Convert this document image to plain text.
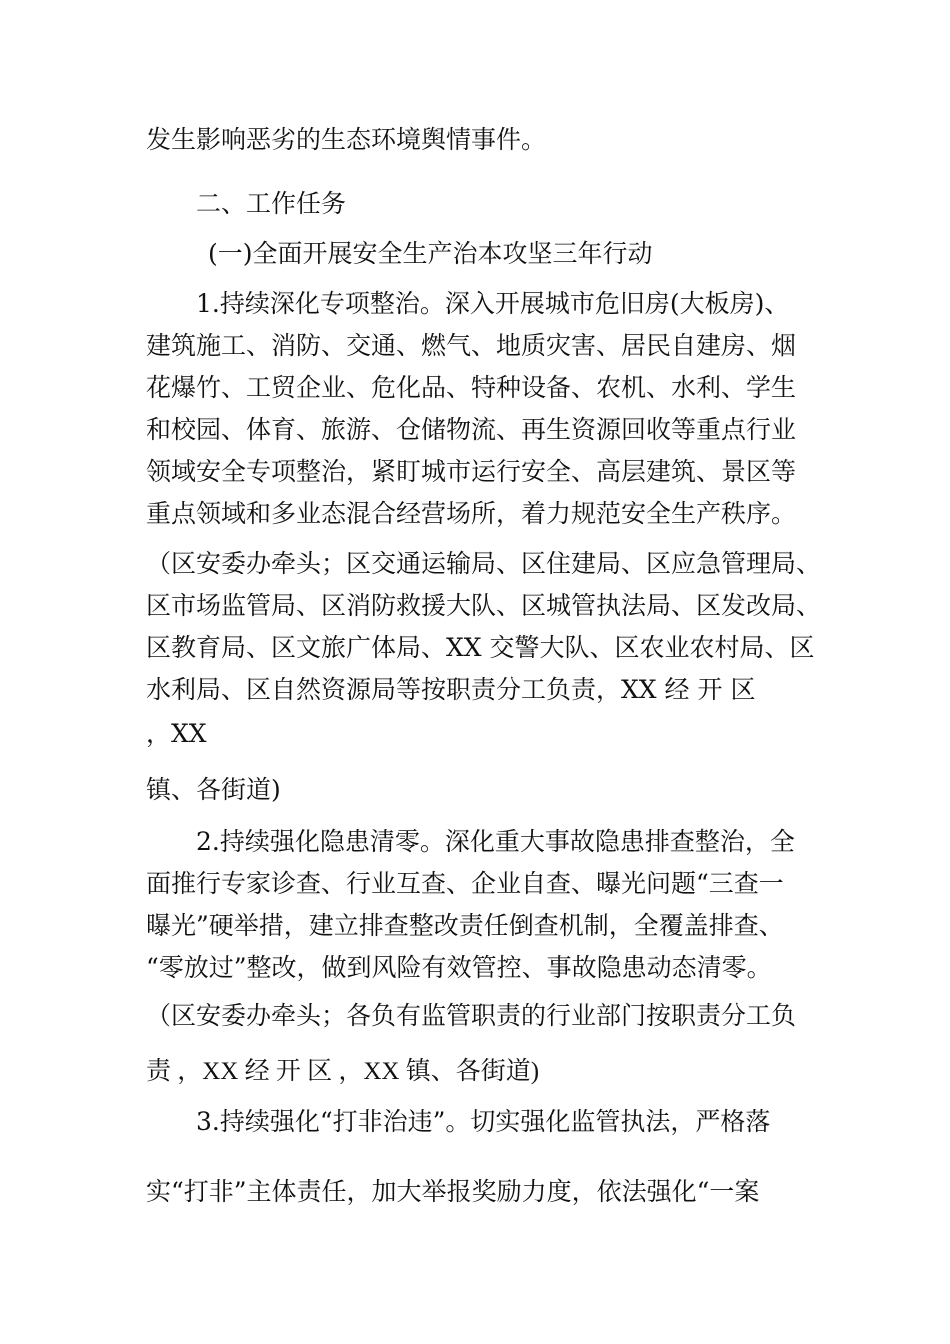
发生影响恶劣的生态环境舆情事件。
二、工作任务
(一)全面开展安全生产治本攻坚三年行动
1.持续深化专项整治。深入开展城市危旧房(大板房)、
建筑施工、消防、交通、燃气、地质灾害、居民自建房、烟
花爆竹、工贸企业、危化品、特种设备、农机、水利、学生
和校园、体育、旅游、仓储物流、再生资源回收等重点行业
领域安全专项整治，紧盯城市运行安全、高层建筑、景区等
重点领域和多业态混合经营场所，着力规范安全生产秩序。
（区安委办牵头；区交通运输局、区住建局、区应急管理局、
区市场监管局、区消防救援大队、区城管执法局、区发改局、
区教育局、区文旅广体局、XX 交警大队、区农业农村局、区
水利局、区自然资源局等按职责分工负责，XX 经 开 区
，XX
镇、各街道)
2.持续强化隐患清零。深化重大事故隐患排查整治，全
面推行专家诊查、行业互查、企业自查、曝光问题“三查一
曝光”硬举措，建立排查整改责任倒查机制，全覆盖排查、
“零放过”整改，做到风险有效管控、事故隐患动态清零。
（区安委办牵头；各负有监管职责的行业部门按职责分工负
责 ，XX 经 开 区 ，XX 镇、各街道)
3.持续强化“打非治违”。切实强化监管执法，严格落
实“打非”主体责任，加大举报奖励力度，依法强化“一案
